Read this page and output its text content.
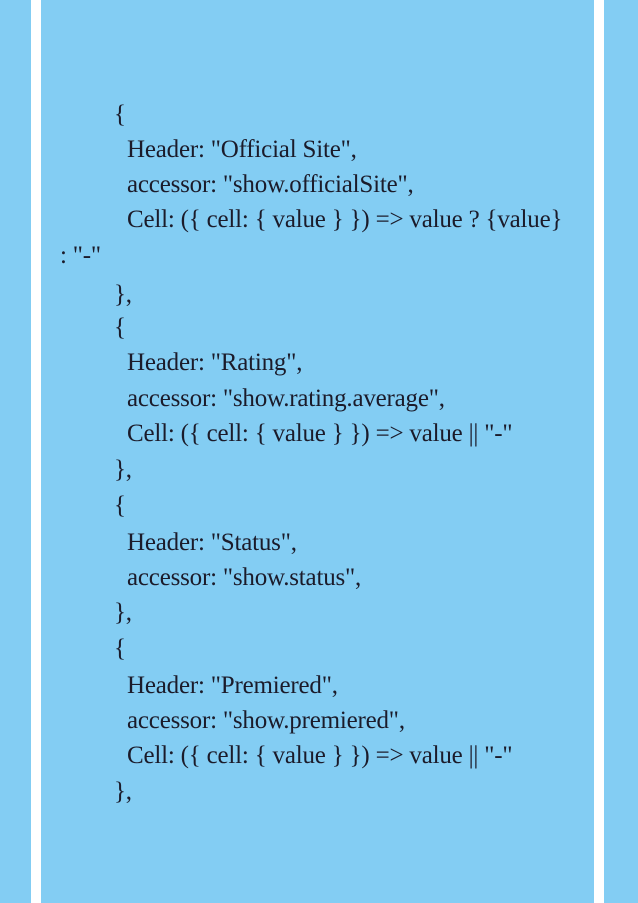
{
Header: "Official Site",
accessor: "show.officialSite",
Cell: ({ cell: { value } }) => value ? {value}
: "-"
},
{
Header: "Rating",
accessor: "show.rating.average",
Cell: ({ cell: { value } }) => value || "-"
},
{
Header: "Status",
accessor: "show.status",
},
{
Header: "Premiered",
accessor: "show.premiered",
Cell: ({ cell: { value } }) => value || "-"
},
